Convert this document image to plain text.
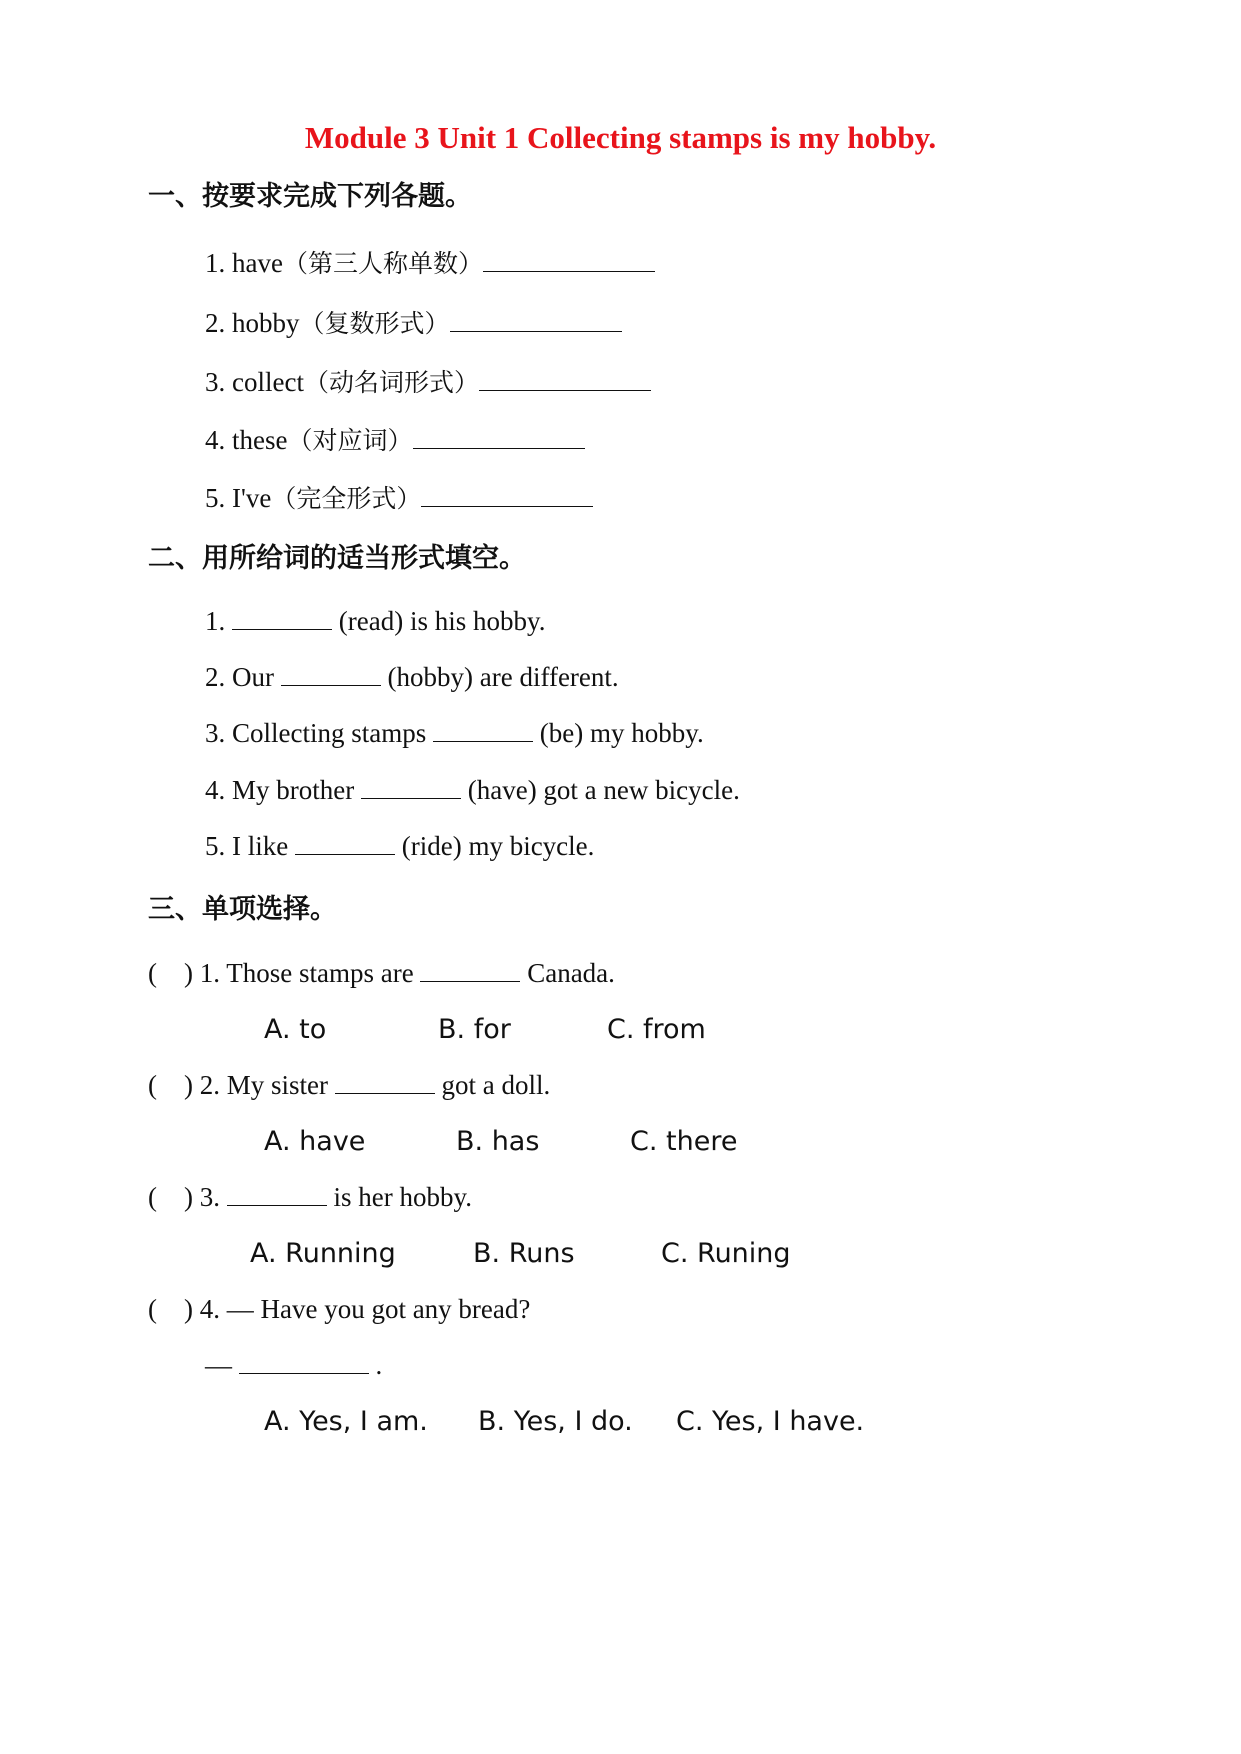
Module 3 Unit 1 Collecting stamps is my hobby.
一、按要求完成下列各题。
1. have（第三人称单数）
2. hobby（复数形式）
3. collect（动名词形式）
4. these（对应词）
5. I've（完全形式）
二、用所给词的适当形式填空。
1.	(read) is his hobby.
2. Our	(hobby) are different.
3. Collecting stamps	(be) my hobby.
4. My brother	(have) got a new bicycle.
5. I like	(ride) my bicycle.
三、单项选择。
(    ) 1. Those stamps are	Canada.
A. to	B. for	C. from
(    ) 2. My sister	got a doll.
A. have	B. has	C. there
(    ) 3.	is her hobby.
A. Running	B. Runs	C. Runing
(    ) 4. — Have you got any bread?
—	.
A. Yes, I am. B. Yes, I do. C. Yes, I have.
